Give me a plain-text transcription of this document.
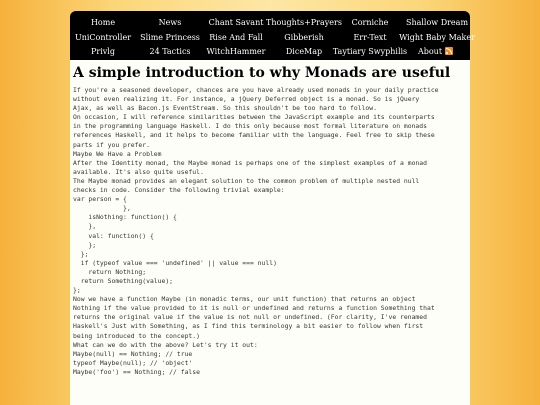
Home	News	Chant Savant Thoughts+Prayers Corniche Shallow Dream
UniController Slime Princess Rise And Fall	Gibberish	Err-Text Wight Baby Maker
Privlg	24 Tactics WitchHammer	DiceMap Taytiary Swyphilis About
A simple introduction to why Monads are useful
If you're a seasoned developer, chances are you have already used monads in your daily practice
without even realizing it. For instance, a jQuery Deferred object is a monad. So is jQuery
Ajax, as well as Bacon.js EventStream. So this shouldn't be too hard to follow.
On occasion, I will reference similarities between the JavaScript example and its counterparts
in the programming language Haskell. I do this only because most formal literature on monads
references Haskell, and it helps to become familiar with the language. Feel free to skip these
parts if you prefer.
Maybe We Have a Problem
After the Identity monad, the Maybe monad is perhaps one of the simplest examples of a monad
available. It's also quite useful.
The Maybe monad provides an elegant solution to the common problem of multiple nested null
checks in code. Consider the following trivial example:
var person = {
},
isNothing: function() {
},
val: function() {
};
};
if (typeof value === 'undefined' || value === null)
return Nothing;
return Something(value);
};
Now we have a function Maybe (in monadic terms, our unit function) that returns an object
Nothing if the value provided to it is null or undefined and returns a function Something that
returns the original value if the value is not null or undefined. (For clarity, I've renamed
Haskell's Just with Something, as I find this terminology a bit easier to follow when first
being introduced to the concept.)
What can we do with the above? Let's try it out:
Maybe(null) == Nothing; // true
typeof Maybe(null); // 'object'
Maybe('foo') == Nothing; // false
